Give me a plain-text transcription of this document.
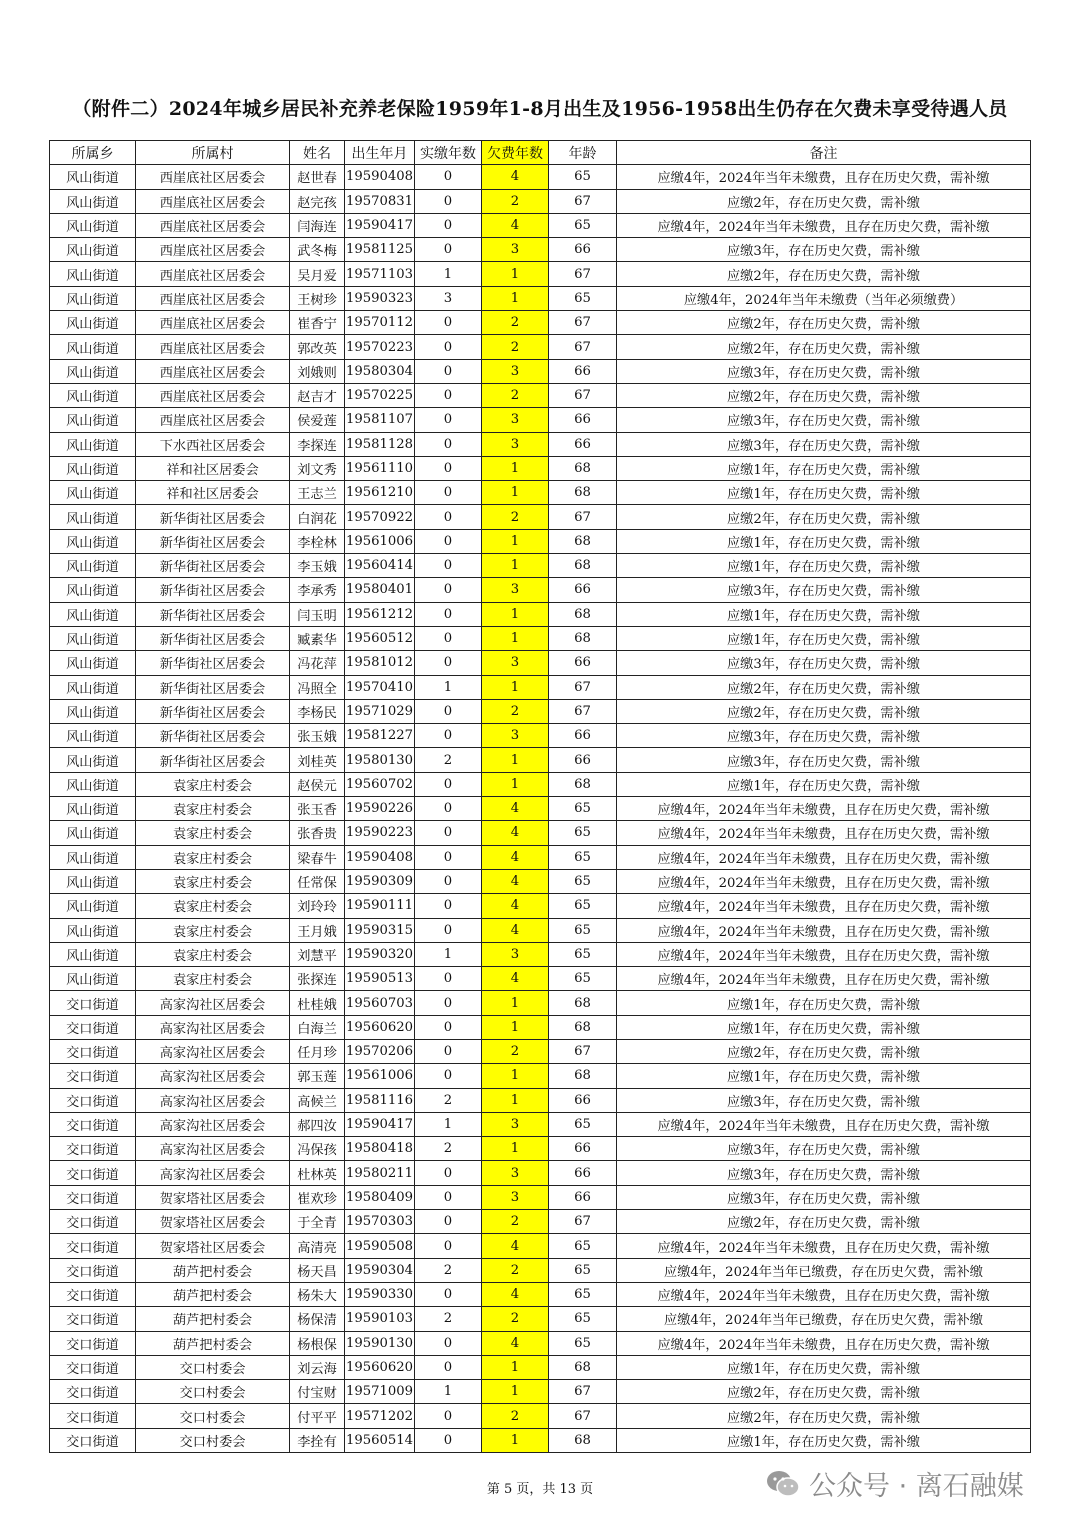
（附件二）2024年城乡居民补充养老保险1959年1-8月出生及1956-1958出生仍存在欠费未享受待遇人员
所属乡	所属村	姓名	出生年月	实缴年数	欠费年数	年龄	备注
风山街道	西崖底社区居委会	赵世春	19590408	0	4	65	应缴4年，2024年当年未缴费，且存在历史欠费，需补缴
风山街道	西崖底社区居委会	赵完孩	19570831	0	2	67	应缴2年，存在历史欠费，需补缴
风山街道	西崖底社区居委会	闫海连	19590417	0	4	65	应缴4年，2024年当年未缴费，且存在历史欠费，需补缴
风山街道	西崖底社区居委会	武冬梅	19581125	0	3	66	应缴3年，存在历史欠费，需补缴
风山街道	西崖底社区居委会	吴月爱	19571103	1	1	67	应缴2年，存在历史欠费，需补缴
风山街道	西崖底社区居委会	王树珍	19590323	3	1	65	应缴4年，2024年当年未缴费（当年必须缴费）
风山街道	西崖底社区居委会	崔香宁	19570112	0	2	67	应缴2年，存在历史欠费，需补缴
风山街道	西崖底社区居委会	郭改英	19570223	0	2	67	应缴2年，存在历史欠费，需补缴
风山街道	西崖底社区居委会	刘娥则	19580304	0	3	66	应缴3年，存在历史欠费，需补缴
风山街道	西崖底社区居委会	赵吉才	19570225	0	2	67	应缴2年，存在历史欠费，需补缴
风山街道	西崖底社区居委会	侯爱莲	19581107	0	3	66	应缴3年，存在历史欠费，需补缴
风山街道	下水西社区居委会	李探连	19581128	0	3	66	应缴3年，存在历史欠费，需补缴
风山街道	祥和社区居委会	刘文秀	19561110	0	1	68	应缴1年，存在历史欠费，需补缴
风山街道	祥和社区居委会	王志兰	19561210	0	1	68	应缴1年，存在历史欠费，需补缴
风山街道	新华街社区居委会	白润花	19570922	0	2	67	应缴2年，存在历史欠费，需补缴
风山街道	新华街社区居委会	李栓林	19561006	0	1	68	应缴1年，存在历史欠费，需补缴
风山街道	新华街社区居委会	李玉娥	19560414	0	1	68	应缴1年，存在历史欠费，需补缴
风山街道	新华街社区居委会	李承秀	19580401	0	3	66	应缴3年，存在历史欠费，需补缴
风山街道	新华街社区居委会	闫玉明	19561212	0	1	68	应缴1年，存在历史欠费，需补缴
风山街道	新华街社区居委会	臧素华	19560512	0	1	68	应缴1年，存在历史欠费，需补缴
风山街道	新华街社区居委会	冯花萍	19581012	0	3	66	应缴3年，存在历史欠费，需补缴
风山街道	新华街社区居委会	冯照全	19570410	1	1	67	应缴2年，存在历史欠费，需补缴
风山街道	新华街社区居委会	李杨民	19571029	0	2	67	应缴2年，存在历史欠费，需补缴
风山街道	新华街社区居委会	张玉娥	19581227	0	3	66	应缴3年，存在历史欠费，需补缴
风山街道	新华街社区居委会	刘桂英	19580130	2	1	66	应缴3年，存在历史欠费，需补缴
风山街道	袁家庄村委会	赵侯元	19560702	0	1	68	应缴1年，存在历史欠费，需补缴
风山街道	袁家庄村委会	张玉香	19590226	0	4	65	应缴4年，2024年当年未缴费，且存在历史欠费，需补缴
风山街道	袁家庄村委会	张香贵	19590223	0	4	65	应缴4年，2024年当年未缴费，且存在历史欠费，需补缴
风山街道	袁家庄村委会	梁春牛	19590408	0	4	65	应缴4年，2024年当年未缴费，且存在历史欠费，需补缴
风山街道	袁家庄村委会	任常保	19590309	0	4	65	应缴4年，2024年当年未缴费，且存在历史欠费，需补缴
风山街道	袁家庄村委会	刘玲玲	19590111	0	4	65	应缴4年，2024年当年未缴费，且存在历史欠费，需补缴
风山街道	袁家庄村委会	王月娥	19590315	0	4	65	应缴4年，2024年当年未缴费，且存在历史欠费，需补缴
风山街道	袁家庄村委会	刘慧平	19590320	1	3	65	应缴4年，2024年当年未缴费，且存在历史欠费，需补缴
风山街道	袁家庄村委会	张探连	19590513	0	4	65	应缴4年，2024年当年未缴费，且存在历史欠费，需补缴
交口街道	高家沟社区居委会	杜桂娥	19560703	0	1	68	应缴1年，存在历史欠费，需补缴
交口街道	高家沟社区居委会	白海兰	19560620	0	1	68	应缴1年，存在历史欠费，需补缴
交口街道	高家沟社区居委会	任月珍	19570206	0	2	67	应缴2年，存在历史欠费，需补缴
交口街道	高家沟社区居委会	郭玉莲	19561006	0	1	68	应缴1年，存在历史欠费，需补缴
交口街道	高家沟社区居委会	高候兰	19581116	2	1	66	应缴3年，存在历史欠费，需补缴
交口街道	高家沟社区居委会	郝四汝	19590417	1	3	65	应缴4年，2024年当年未缴费，且存在历史欠费，需补缴
交口街道	高家沟社区居委会	冯保孩	19580418	2	1	66	应缴3年，存在历史欠费，需补缴
交口街道	高家沟社区居委会	杜林英	19580211	0	3	66	应缴3年，存在历史欠费，需补缴
交口街道	贺家塔社区居委会	崔欢珍	19580409	0	3	66	应缴3年，存在历史欠费，需补缴
交口街道	贺家塔社区居委会	于全青	19570303	0	2	67	应缴2年，存在历史欠费，需补缴
交口街道	贺家塔社区居委会	高清亮	19590508	0	4	65	应缴4年，2024年当年未缴费，且存在历史欠费，需补缴
交口街道	葫芦把村委会	杨天昌	19590304	2	2	65	应缴4年，2024年当年已缴费，存在历史欠费，需补缴
交口街道	葫芦把村委会	杨朱大	19590330	0	4	65	应缴4年，2024年当年未缴费，且存在历史欠费，需补缴
交口街道	葫芦把村委会	杨保清	19590103	2	2	65	应缴4年，2024年当年已缴费，存在历史欠费，需补缴
交口街道	葫芦把村委会	杨根保	19590130	0	4	65	应缴4年，2024年当年未缴费，且存在历史欠费，需补缴
交口街道	交口村委会	刘云海	19560620	0	1	68	应缴1年，存在历史欠费，需补缴
交口街道	交口村委会	付宝财	19571009	1	1	67	应缴2年，存在历史欠费，需补缴
交口街道	交口村委会	付平平	19571202	0	2	67	应缴2年，存在历史欠费，需补缴
交口街道	交口村委会	李拴有	19560514	0	1	68	应缴1年，存在历史欠费，需补缴
第 5 页，共 13 页	公众号 · 离石融媒
